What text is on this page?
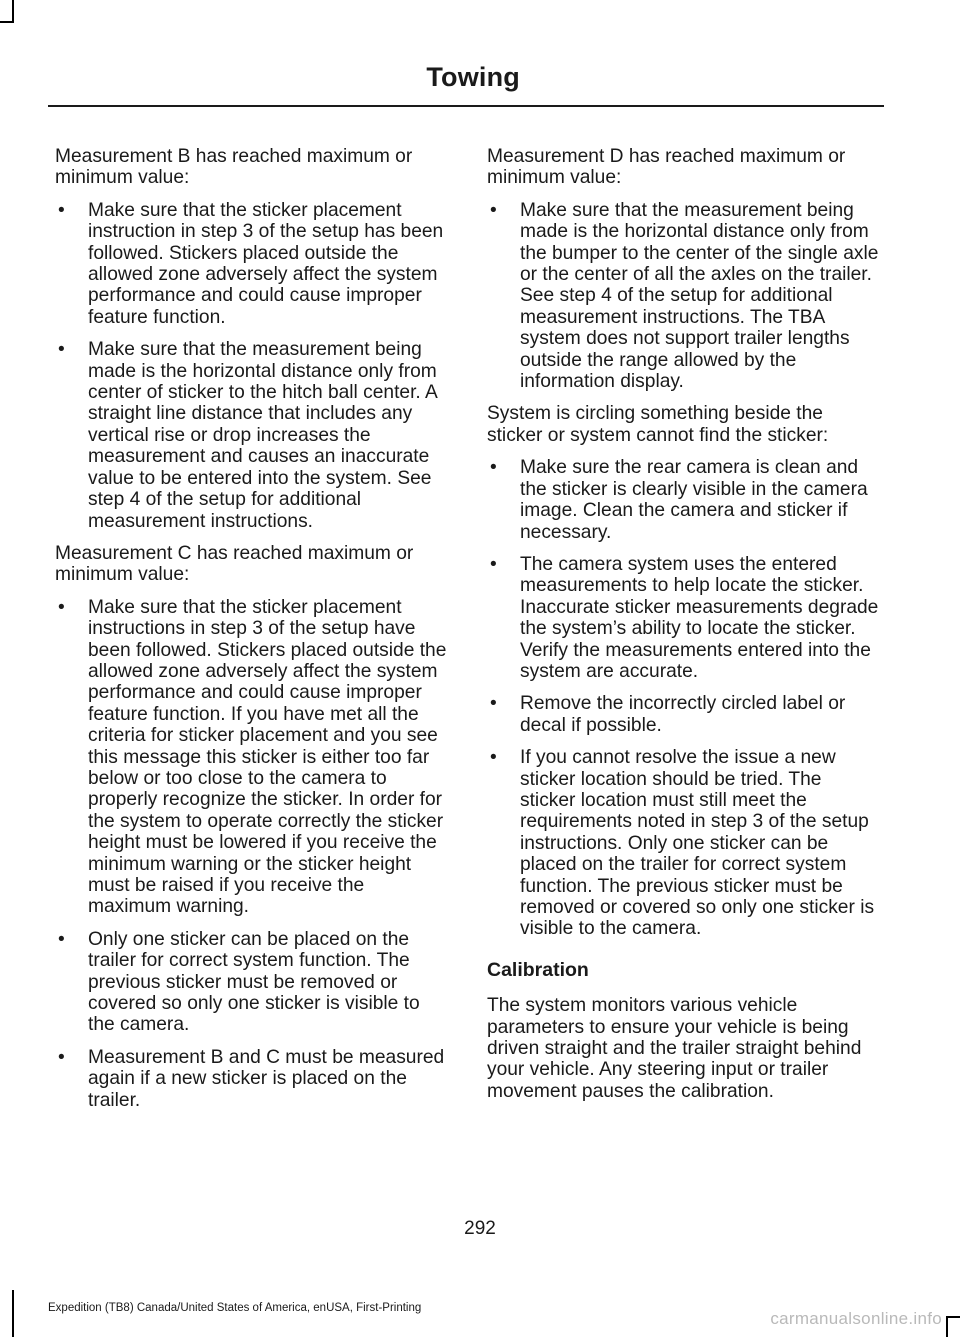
Towing

Measurement B has reached maximum or minimum value:

• Make sure that the sticker placement instruction in step 3 of the setup has been followed. Stickers placed outside the allowed zone adversely affect the system performance and could cause improper feature function.
• Make sure that the measurement being made is the horizontal distance only from center of sticker to the hitch ball center. A straight line distance that includes any vertical rise or drop increases the measurement and causes an inaccurate value to be entered into the system. See step 4 of the setup for additional measurement instructions.

Measurement C has reached maximum or minimum value:

• Make sure that the sticker placement instructions in step 3 of the setup have been followed. Stickers placed outside the allowed zone adversely affect the system performance and could cause improper feature function. If you have met all the criteria for sticker placement and you see this message this sticker is either too far below or too close to the camera to properly recognize the sticker. In order for the system to operate correctly the sticker height must be lowered if you receive the minimum warning or the sticker height must be raised if you receive the maximum warning.
• Only one sticker can be placed on the trailer for correct system function. The previous sticker must be removed or covered so only one sticker is visible to the camera.
• Measurement B and C must be measured again if a new sticker is placed on the trailer.

Measurement D has reached maximum or minimum value:

• Make sure that the measurement being made is the horizontal distance only from the bumper to the center of the single axle or the center of all the axles on the trailer. See step 4 of the setup for additional measurement instructions. The TBA system does not support trailer lengths outside the range allowed by the information display.

System is circling something beside the sticker or system cannot find the sticker:

• Make sure the rear camera is clean and the sticker is clearly visible in the camera image. Clean the camera and sticker if necessary.
• The camera system uses the entered measurements to help locate the sticker. Inaccurate sticker measurements degrade the system’s ability to locate the sticker. Verify the measurements entered into the system are accurate.
• Remove the incorrectly circled label or decal if possible.
• If you cannot resolve the issue a new sticker location should be tried. The sticker location must still meet the requirements noted in step 3 of the setup instructions. Only one sticker can be placed on the trailer for correct system function. The previous sticker must be removed or covered so only one sticker is visible to the camera.
Calibration

The system monitors various vehicle parameters to ensure your vehicle is being driven straight and the trailer straight behind your vehicle. Any steering input or trailer movement pauses the calibration.

292
Expedition (TB8) Canada/United States of America, enUSA, First-Printing
carmanualsonline.info
